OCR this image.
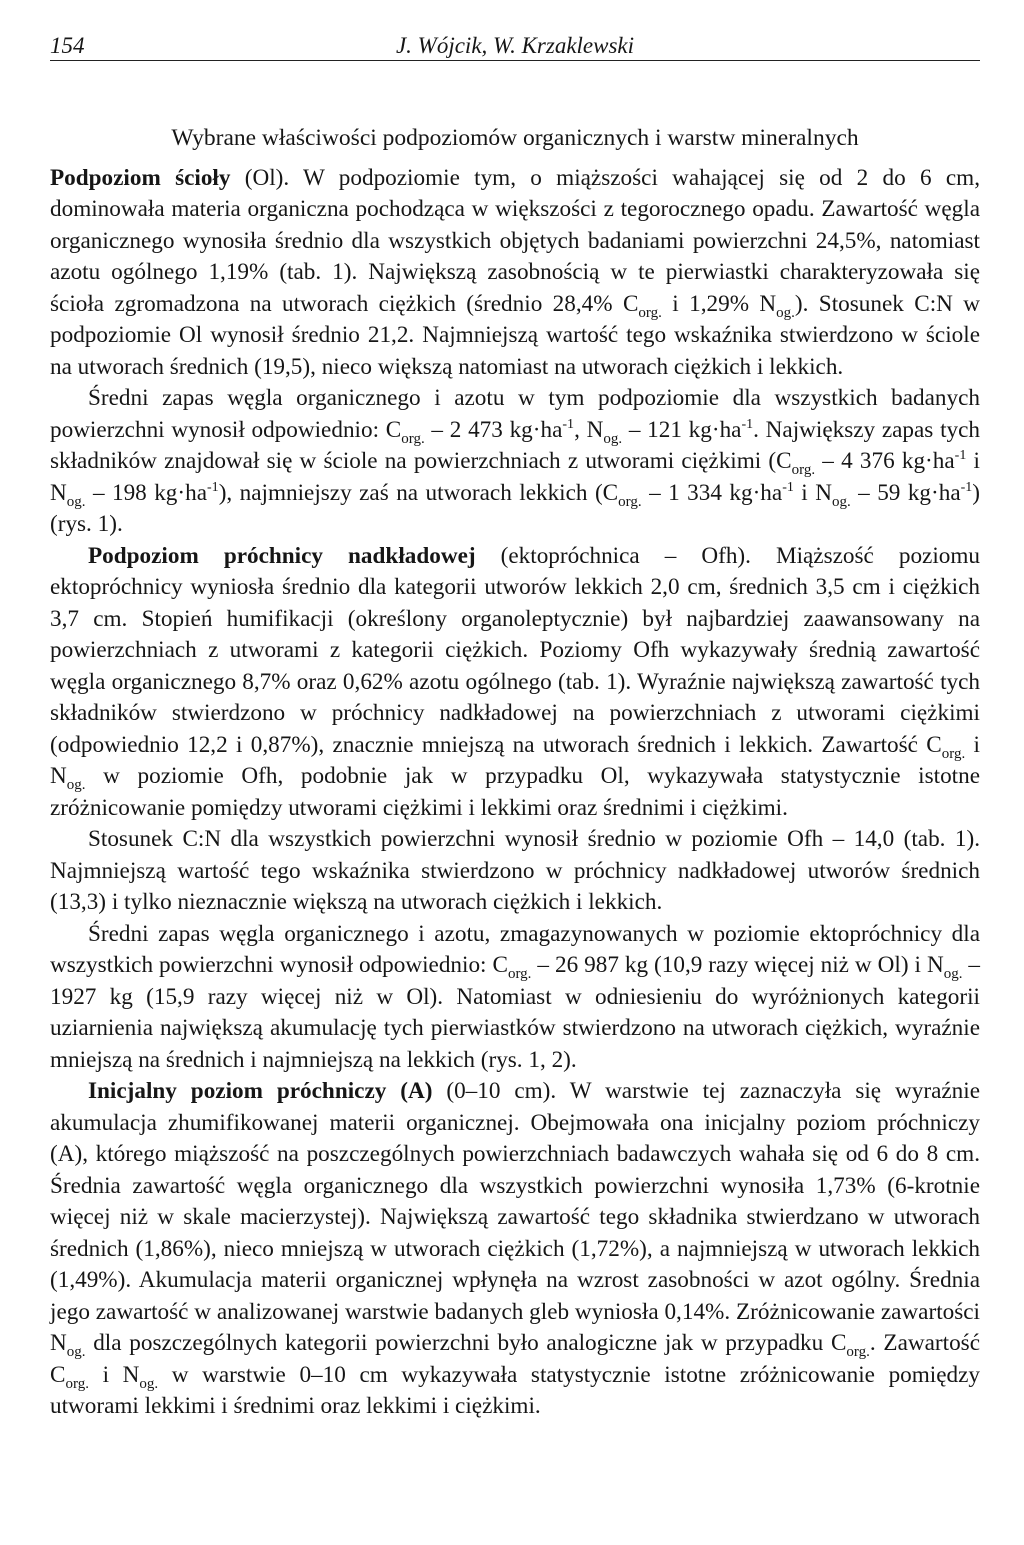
154	J. Wójcik, W. Krzaklewski
Wybrane właściwości podpoziomów organicznych i warstw mineralnych

Podpoziom ścioły (Ol). W podpoziomie tym, o miąższości wahającej się od 2 do 6 cm, dominowała materia organiczna pochodząca w większości z tegorocznego opadu. Zawartość węgla organicznego wynosiła średnio dla wszystkich objętych badaniami powierzchni 24,5%, natomiast azotu ogólnego 1,19% (tab. 1). Największą zasobnością w te pierwiastki charakteryzowała się ścioła zgromadzona na utworach ciężkich (średnio 28,4% $C_{org.}$ i 1,29% $N_{og.}$). Stosunek C:N w podpoziomie Ol wynosił średnio 21,2. Najmniejszą wartość tego wskaźnika stwierdzono w ściole na utworach średnich (19,5), nieco większą natomiast na utworach ciężkich i lekkich.

Średni zapas węgla organicznego i azotu w tym podpoziomie dla wszystkich badanych powierzchni wynosił odpowiednio: $C_{org.} - 2$ 473 $kg\cdot ha^{-1}$, $N_{og.} - 121$ $kg\cdot ha^{-1}$. Największy zapas tych składników znajdował się w ściole na powierzchniach z utworami ciężkimi ($C_{org.} - 4$ 376 $kg\cdot ha^{-1}$ i $N_{og.} - 198$ $kg\cdot ha^{-1}$), najmniejszy zaś na utworach lekkich ($C_{org.} - 1$ 334 $kg\cdot ha^{-1}$ i $N_{og.} - 59$ $kg\cdot ha^{-1}$) (rys. 1).

Podpoziom próchnicy nadkładowej (ektopróchnica – Ofh). Miąższość poziomu ektopróchnicy wyniosła średnio dla kategorii utworów lekkich 2,0 cm, średnich 3,5 cm i ciężkich 3,7 cm. Stopień humifikacji (określony organoleptycznie) był najbardziej zaawansowany na powierzchniach z utworami z kategorii ciężkich. Poziomy Ofh wykazywały średnią zawartość węgla organicznego 8,7% oraz 0,62% azotu ogólnego (tab. 1). Wyraźnie największą zawartość tych składników stwierdzono w próchnicy nadkładowej na powierzchniach z utworami ciężkimi (odpowiednio 12,2 i 0,87%), znacznie mniejszą na utworach średnich i lekkich. Zawartość $C_{org.}$ i $N_{og.}$ w poziomie Ofh, podobnie jak w przypadku Ol, wykazywała statystycznie istotne zróżnicowanie pomiędzy utworami ciężkimi i lekkimi oraz średnimi i ciężkimi.

Stosunek C:N dla wszystkich powierzchni wynosił średnio w poziomie Ofh – 14,0 (tab. 1). Najmniejszą wartość tego wskaźnika stwierdzono w próchnicy nadkładowej utworów średnich (13,3) i tylko nieznacznie większą na utworach ciężkich i lekkich.

Średni zapas węgla organicznego i azotu, zmagazynowanych w poziomie ektopróchnicy dla wszystkich powierzchni wynosił odpowiednio: $C_{org.} - 26$ 987 kg (10,9 razy więcej niż w Ol) i $N_{og.} - 1927$ kg (15,9 razy więcej niż w Ol). Natomiast w odniesieniu do wyróżnionych kategorii uziarnienia największą akumulację tych pierwiastków stwierdzono na utworach ciężkich, wyraźnie mniejszą na średnich i najmniejszą na lekkich (rys. 1, 2).

Inicjalny poziom próchniczy (A) (0–10 cm). W warstwie tej zaznaczyła się wyraźnie akumulacja zhumifikowanej materii organicznej. Obejmowała ona inicjalny poziom próchniczy (A), którego miąższość na poszczególnych powierzchniach badawczych wahała się od 6 do 8 cm. Średnia zawartość węgla organicznego dla wszystkich powierzchni wynosiła 1,73% (6-krotnie więcej niż w skale macierzystej). Największą zawartość tego składnika stwierdzano w utworach średnich (1,86%), nieco mniejszą w utworach ciężkich (1,72%), a najmniejszą w utworach lekkich (1,49%). Akumulacja materii organicznej wpłynęła na wzrost zasobności w azot ogólny. Średnia jego zawartość w analizowanej warstwie badanych gleb wyniosła 0,14%. Zróżnicowanie zawartości $N_{og.}$ dla poszczególnych kategorii powierzchni było analogiczne jak w przypadku $C_{org.}$. Zawartość $C_{org.}$ i $N_{og.}$ w warstwie 0–10 cm wykazywała statystycznie istotne zróżnicowanie pomiędzy utworami lekkimi i średnimi oraz lekkimi i ciężkimi.
